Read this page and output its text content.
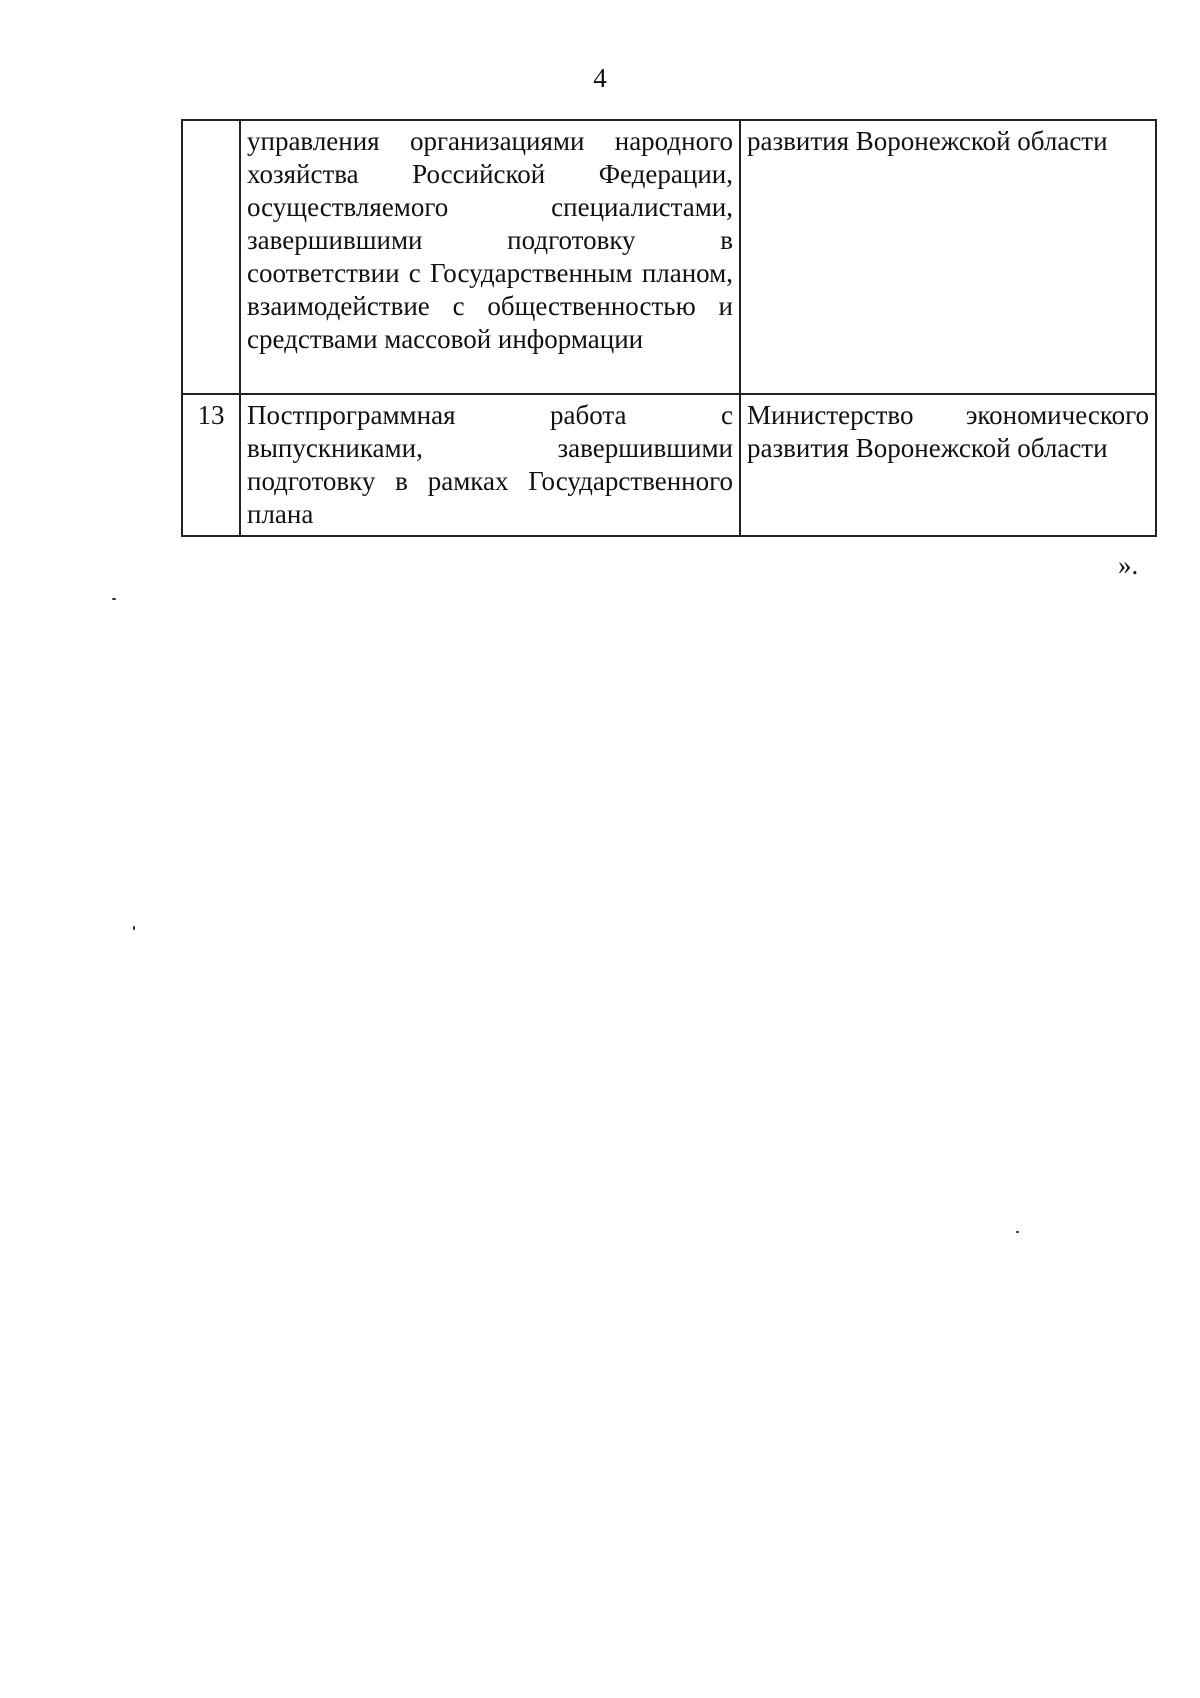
4
	управления организациями народного хозяйства Российской Федерации, осуществляемого специалистами, завершившими подготовку в соответствии с Государственным планом, взаимодействие с общественностью и средствами массовой информации	развития Воронежской области
13	Постпрограммная работа с выпускниками, завершившими подготовку в рамках Государственного плана	Министерство экономического развития Воронежской области
».
